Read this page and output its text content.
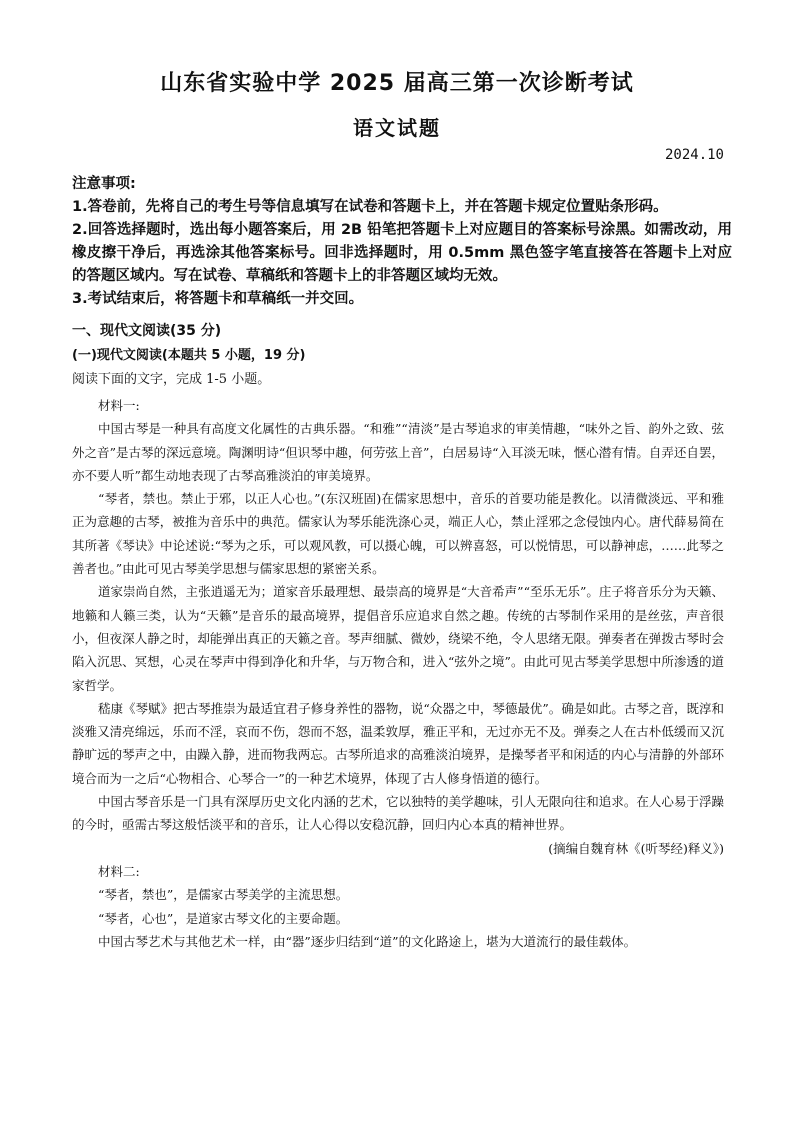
山东省实验中学 2025 届高三第一次诊断考试
语文试题
2024.10
注意事项:
1.答卷前，先将自己的考生号等信息填写在试卷和答题卡上，并在答题卡规定位置贴条形码。
2.回答选择题时，选出每小题答案后，用 2B 铅笔把答题卡上对应题目的答案标号涂黑。如需改动，用橡皮擦干净后，再选涂其他答案标号。回非选择题时，用 0.5mm 黑色签字笔直接答在答题卡上对应的答题区域内。写在试卷、草稿纸和答题卡上的非答题区域均无效。
3.考试结束后，将答题卡和草稿纸一并交回。
一、现代文阅读(35 分)
(一)现代文阅读(本题共 5 小题，19 分)
阅读下面的文字，完成 1-5 小题。

材料一:

中国古琴是一种具有高度文化属性的古典乐器。“和雅”“清淡”是古琴追求的审美情趣，“味外之旨、韵外之致、弦外之音”是古琴的深远意境。陶渊明诗“但识琴中趣，何劳弦上音”，白居易诗“入耳淡无味，惬心潜有情。自弄还自罢，亦不要人听”都生动地表现了古琴高雅淡泊的审美境界。

“琴者，禁也。禁止于邪，以正人心也。”(东汉班固)在儒家思想中，音乐的首要功能是教化。以清微淡远、平和雅正为意趣的古琴，被推为音乐中的典范。儒家认为琴乐能洗涤心灵，端正人心，禁止淫邪之念侵蚀内心。唐代薛易简在其所著《琴诀》中论述说:“琴为之乐，可以观风教，可以摄心魄，可以辨喜怒，可以悦情思，可以静神虑，……此琴之善者也。”由此可见古琴美学思想与儒家思想的紧密关系。

道家崇尚自然，主张逍遥无为；道家音乐最理想、最崇高的境界是“大音希声”“至乐无乐”。庄子将音乐分为天籁、地籁和人籁三类，认为“天籁”是音乐的最高境界，提倡音乐应追求自然之趣。传统的古琴制作采用的是丝弦，声音很小，但夜深人静之时，却能弹出真正的天籁之音。琴声细腻、微妙，绕梁不绝，令人思绪无限。弹奏者在弹拨古琴时会陷入沉思、冥想，心灵在琴声中得到净化和升华，与万物合和，进入“弦外之境”。由此可见古琴美学思想中所渗透的道家哲学。

嵇康《琴赋》把古琴推崇为最适宜君子修身养性的器物，说“众器之中，琴德最优”。确是如此。古琴之音，既淳和淡雅又清亮绵远，乐而不淫，哀而不伤，怨而不怒，温柔敦厚，雅正平和，无过亦无不及。弹奏之人在古朴低缓而又沉静旷远的琴声之中，由躁入静，进而物我两忘。古琴所追求的高雅淡泊境界，是操琴者平和闲适的内心与清静的外部环境合而为一之后“心物相合、心琴合一”的一种艺术境界，体现了古人修身悟道的德行。

中国古琴音乐是一门具有深厚历史文化内涵的艺术，它以独特的美学趣味，引人无限向往和追求。在人心易于浮躁的今时，亟需古琴这般恬淡平和的音乐，让人心得以安稳沉静，回归内心本真的精神世界。

(摘编自魏育林《(听琴经)释义》)

材料二:

“琴者，禁也”，是儒家古琴美学的主流思想。

“琴者，心也”，是道家古琴文化的主要命题。

中国古琴艺术与其他艺术一样，由“器”逐步归结到“道”的文化路途上，堪为大道流行的最佳载体。
